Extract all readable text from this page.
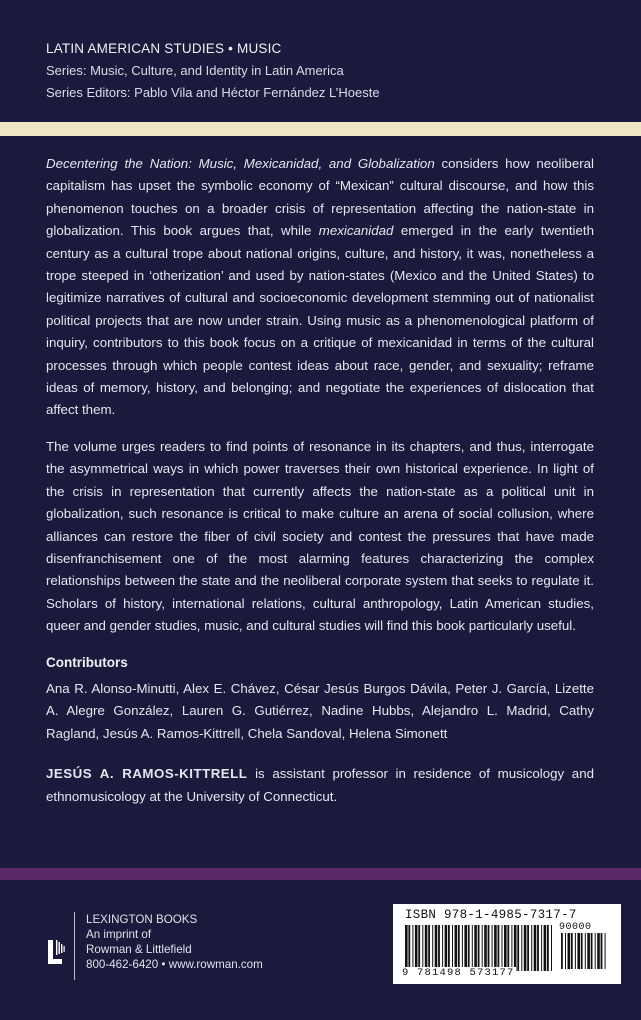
LATIN AMERICAN STUDIES • MUSIC
Series: Music, Culture, and Identity in Latin America
Series Editors: Pablo Vila and Héctor Fernández L’Hoeste

Decentering the Nation: Music, Mexicanidad, and Globalization considers how neoliberal capitalism has upset the symbolic economy of “Mexican” cultural discourse, and how this phenomenon touches on a broader crisis of representation affecting the nation-state in globalization. This book argues that, while mexicanidad emerged in the early twentieth century as a cultural trope about national origins, culture, and history, it was, nonetheless a trope steeped in ‘otherization’ and used by nation-states (Mexico and the United States) to legitimize narratives of cultural and socioeconomic development stemming out of nationalist political projects that are now under strain. Using music as a phenomenological platform of inquiry, contributors to this book focus on a critique of mexicanidad in terms of the cultural processes through which people contest ideas about race, gender, and sexuality; reframe ideas of memory, history, and belonging; and negotiate the experiences of dislocation that affect them.

The volume urges readers to find points of resonance in its chapters, and thus, interrogate the asymmetrical ways in which power traverses their own historical experience. In light of the crisis in representation that currently affects the nation-state as a political unit in globalization, such resonance is critical to make culture an arena of social collusion, where alliances can restore the fiber of civil society and contest the pressures that have made disenfranchisement one of the most alarming features characterizing the complex relationships between the state and the neoliberal corporate system that seeks to regulate it. Scholars of history, international relations, cultural anthropology, Latin American studies, queer and gender studies, music, and cultural studies will find this book particularly useful.

Contributors
Ana R. Alonso-Minutti, Alex E. Chávez, César Jesús Burgos Dávila, Peter J. García, Lizette A. Alegre González, Lauren G. Gutiérrez, Nadine Hubbs, Alejandro L. Madrid, Cathy Ragland, Jesús A. Ramos-Kittrell, Chela Sandoval, Helena Simonett
JESÚS A. RAMOS-KITTRELL is assistant professor in residence of musicology and ethnomusicology at the University of Connecticut.
LEXINGTON BOOKS
An imprint of
Rowman & Littlefield
800-462-6420 • www.rowman.com
ISBN 978-1-4985-7317-7
90000
9 781498 573177
